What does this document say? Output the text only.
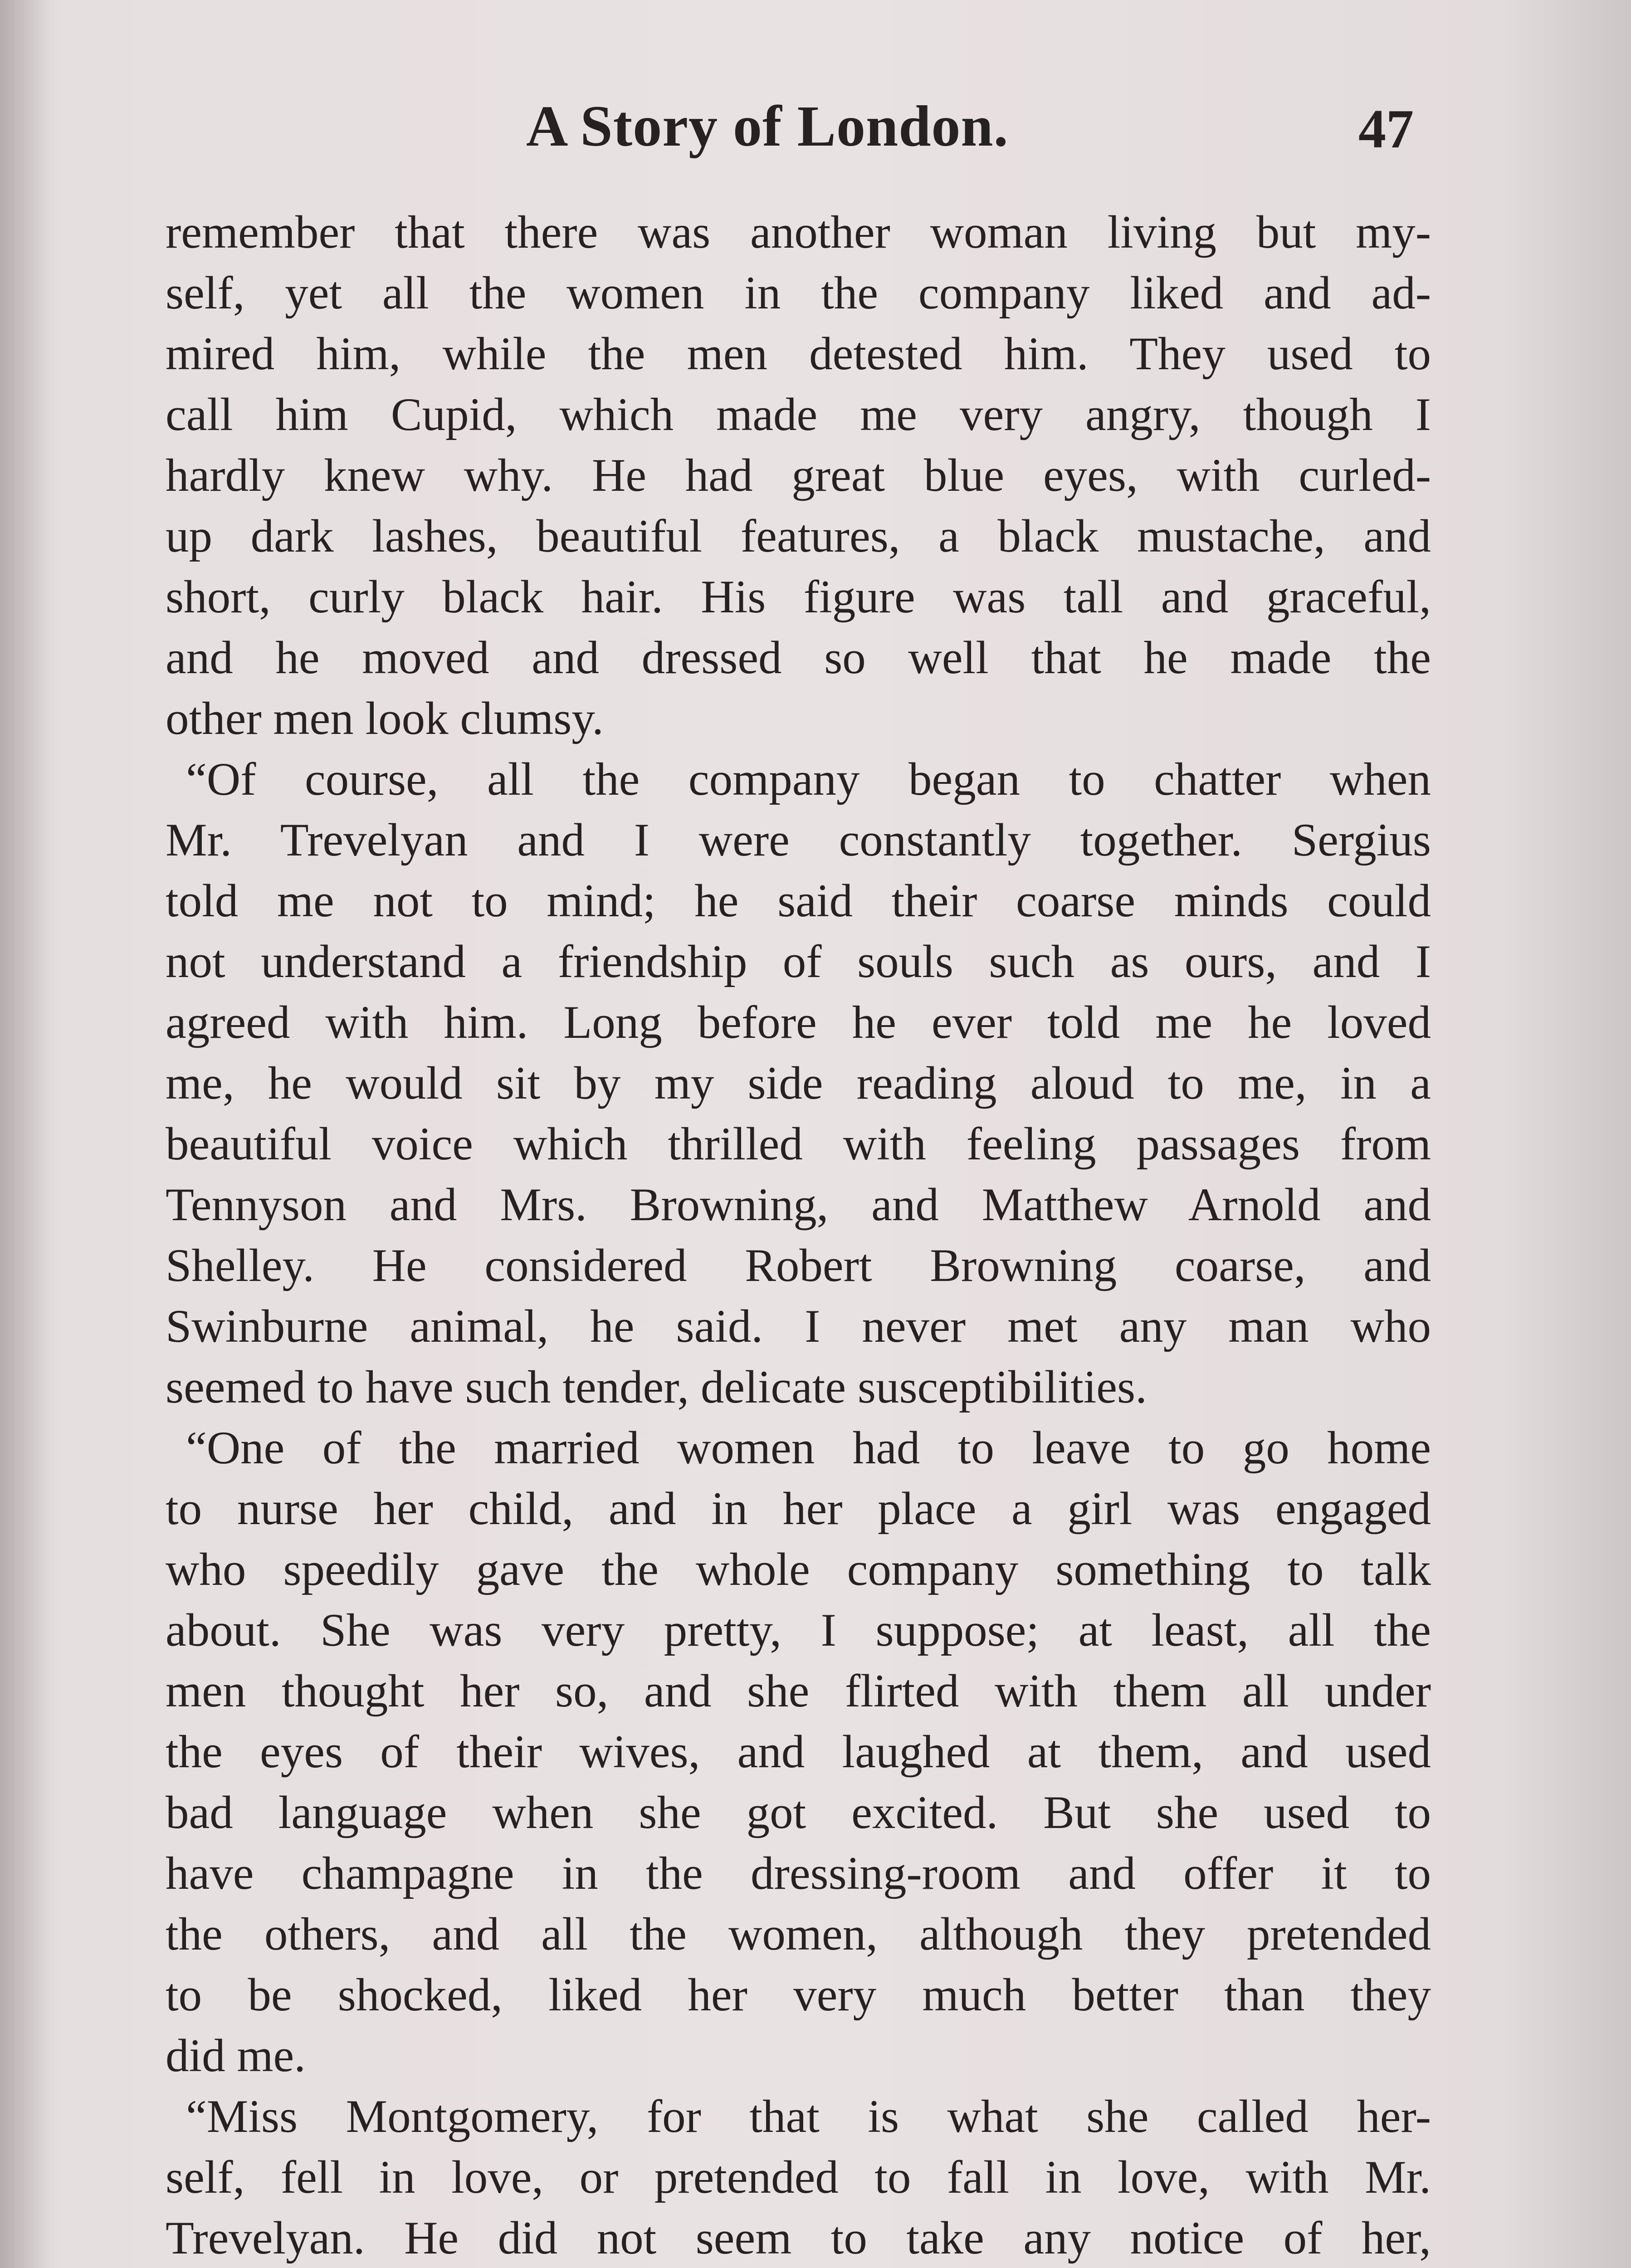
A Story of London.	47
remember that there was another woman living but my-
self, yet all the women in the company liked and ad-
mired him, while the men detested him. They used to
call him Cupid, which made me very angry, though I
hardly knew why. He had great blue eyes, with curled-
up dark lashes, beautiful features, a black mustache, and
short, curly black hair. His figure was tall and graceful,
and he moved and dressed so well that he made the
other men look clumsy.
“Of course, all the company began to chatter when
Mr. Trevelyan and I were constantly together. Sergius
told me not to mind; he said their coarse minds could
not understand a friendship of souls such as ours, and I
agreed with him. Long before he ever told me he loved
me, he would sit by my side reading aloud to me, in a
beautiful voice which thrilled with feeling passages from
Tennyson and Mrs. Browning, and Matthew Arnold and
Shelley. He considered Robert Browning coarse, and
Swinburne animal, he said. I never met any man who
seemed to have such tender, delicate susceptibilities.
“One of the married women had to leave to go home
to nurse her child, and in her place a girl was engaged
who speedily gave the whole company something to talk
about. She was very pretty, I suppose; at least, all the
men thought her so, and she flirted with them all under
the eyes of their wives, and laughed at them, and used
bad language when she got excited. But she used to
have champagne in the dressing-room and offer it to
the others, and all the women, although they pretended
to be shocked, liked her very much better than they
did me.
“Miss Montgomery, for that is what she called her-
self, fell in love, or pretended to fall in love, with Mr.
Trevelyan. He did not seem to take any notice of her,
